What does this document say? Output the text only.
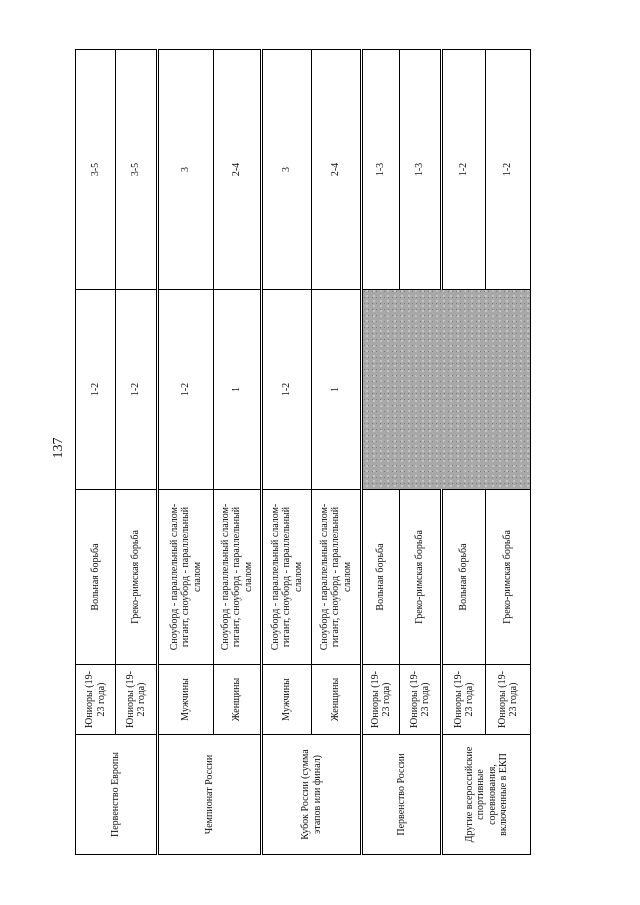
137
Первенство Европы	Юниоры (19-23 года)	Вольная борьба	1-2	3-5
	Юниоры (19-23 года)	Греко-римская борьба	1-2	3-5
Чемпионат России	Мужчины	Сноуборд - параллельный слалом-гигант, сноуборд - параллельный слалом	1-2	3
	Женщины	Сноуборд - параллельный слалом-гигант, сноуборд - параллельный слалом	1	2-4
Кубок России (сумма этапов или финал)	Мужчины	Сноуборд - параллельный слалом-гигант, сноуборд - параллельный слалом	1-2	3
	Женщины	Сноуборд - параллельный слалом-гигант, сноуборд - параллельный слалом	1	2-4
Первенство России	Юниоры (19-23 года)	Вольная борьба		1-3
	Юниоры (19-23 года)	Греко-римская борьба		1-3
Другие всероссийские спортивные соревнования, включенные в ЕКП	Юниоры (19-23 года)	Вольная борьба		1-2
	Юниоры (19-23 года)	Греко-римская борьба		1-2
